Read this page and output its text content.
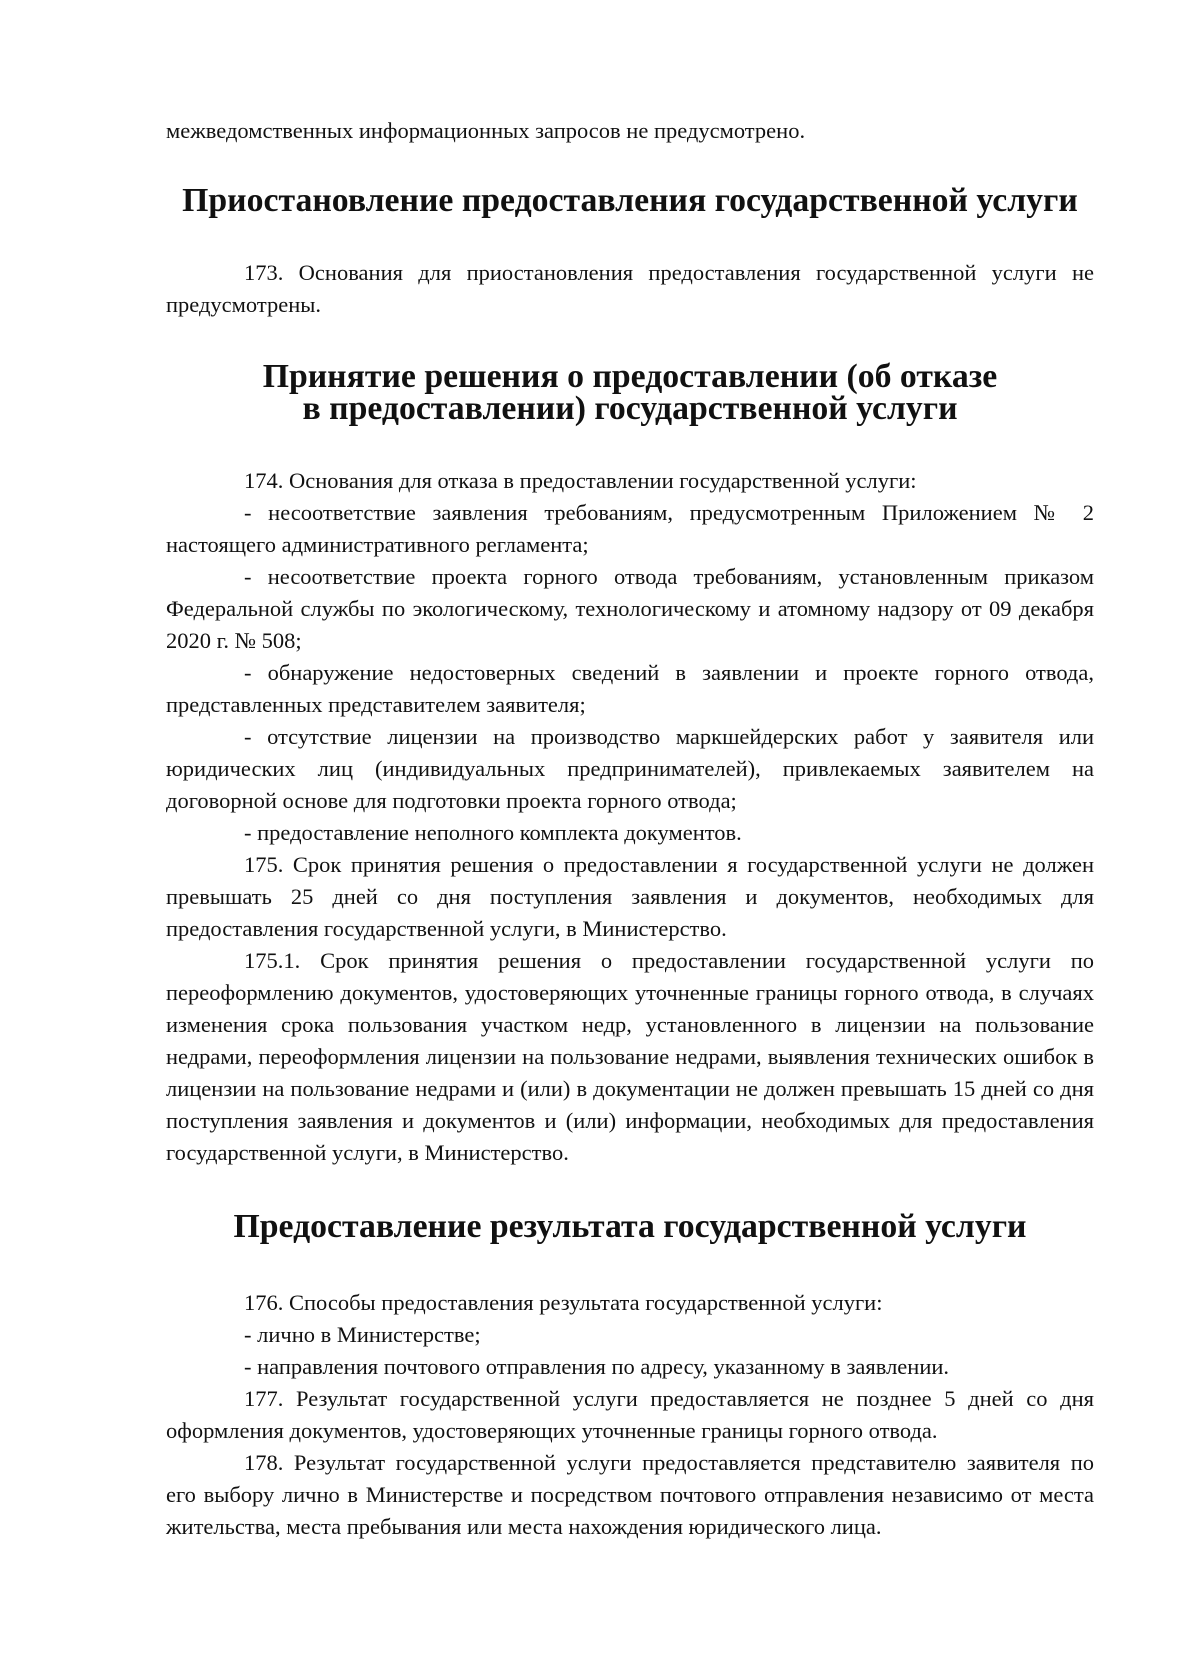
межведомственных информационных запросов не предусмотрено.

Приостановление предоставления государственной услуги

173. Основания для приостановления предоставления государственной услуги не предусмотрены.

Принятие решения о предоставлении (об отказе
в предоставлении) государственной услуги

174. Основания для отказа в предоставлении государственной услуги:

- несоответствие заявления требованиям, предусмотренным Приложением № 2 настоящего административного регламента;

- несоответствие проекта горного отвода требованиям, установленным приказом Федеральной службы по экологическому, технологическому и атомному надзору от 09 декабря 2020 г. № 508;

- обнаружение недостоверных сведений в заявлении и проекте горного отвода, представленных представителем заявителя;

- отсутствие лицензии на производство маркшейдерских работ у заявителя или юридических лиц (индивидуальных предпринимателей), привлекаемых заявителем на договорной основе для подготовки проекта горного отвода;

- предоставление неполного комплекта документов.

175. Срок принятия решения о предоставлении я государственной услуги не должен превышать 25 дней со дня поступления заявления и документов, необходимых для предоставления государственной услуги, в Министерство.

175.1. Срок принятия решения о предоставлении государственной услуги по переоформлению документов, удостоверяющих уточненные границы горного отвода, в случаях изменения срока пользования участком недр, установленного в лицензии на пользование недрами, переоформления лицензии на пользование недрами, выявления технических ошибок в лицензии на пользование недрами и (или) в документации не должен превышать 15 дней со дня поступления заявления и документов и (или) информации, необходимых для предоставления государственной услуги, в Министерство.

Предоставление результата государственной услуги

176. Способы предоставления результата государственной услуги:

- лично в Министерстве;

- направления почтового отправления по адресу, указанному в заявлении.

177. Результат государственной услуги предоставляется не позднее 5 дней со дня оформления документов, удостоверяющих уточненные границы горного отвода.

178. Результат государственной услуги предоставляется представителю заявителя по его выбору лично в Министерстве и посредством почтового отправления независимо от места жительства, места пребывания или места нахождения юридического лица.
